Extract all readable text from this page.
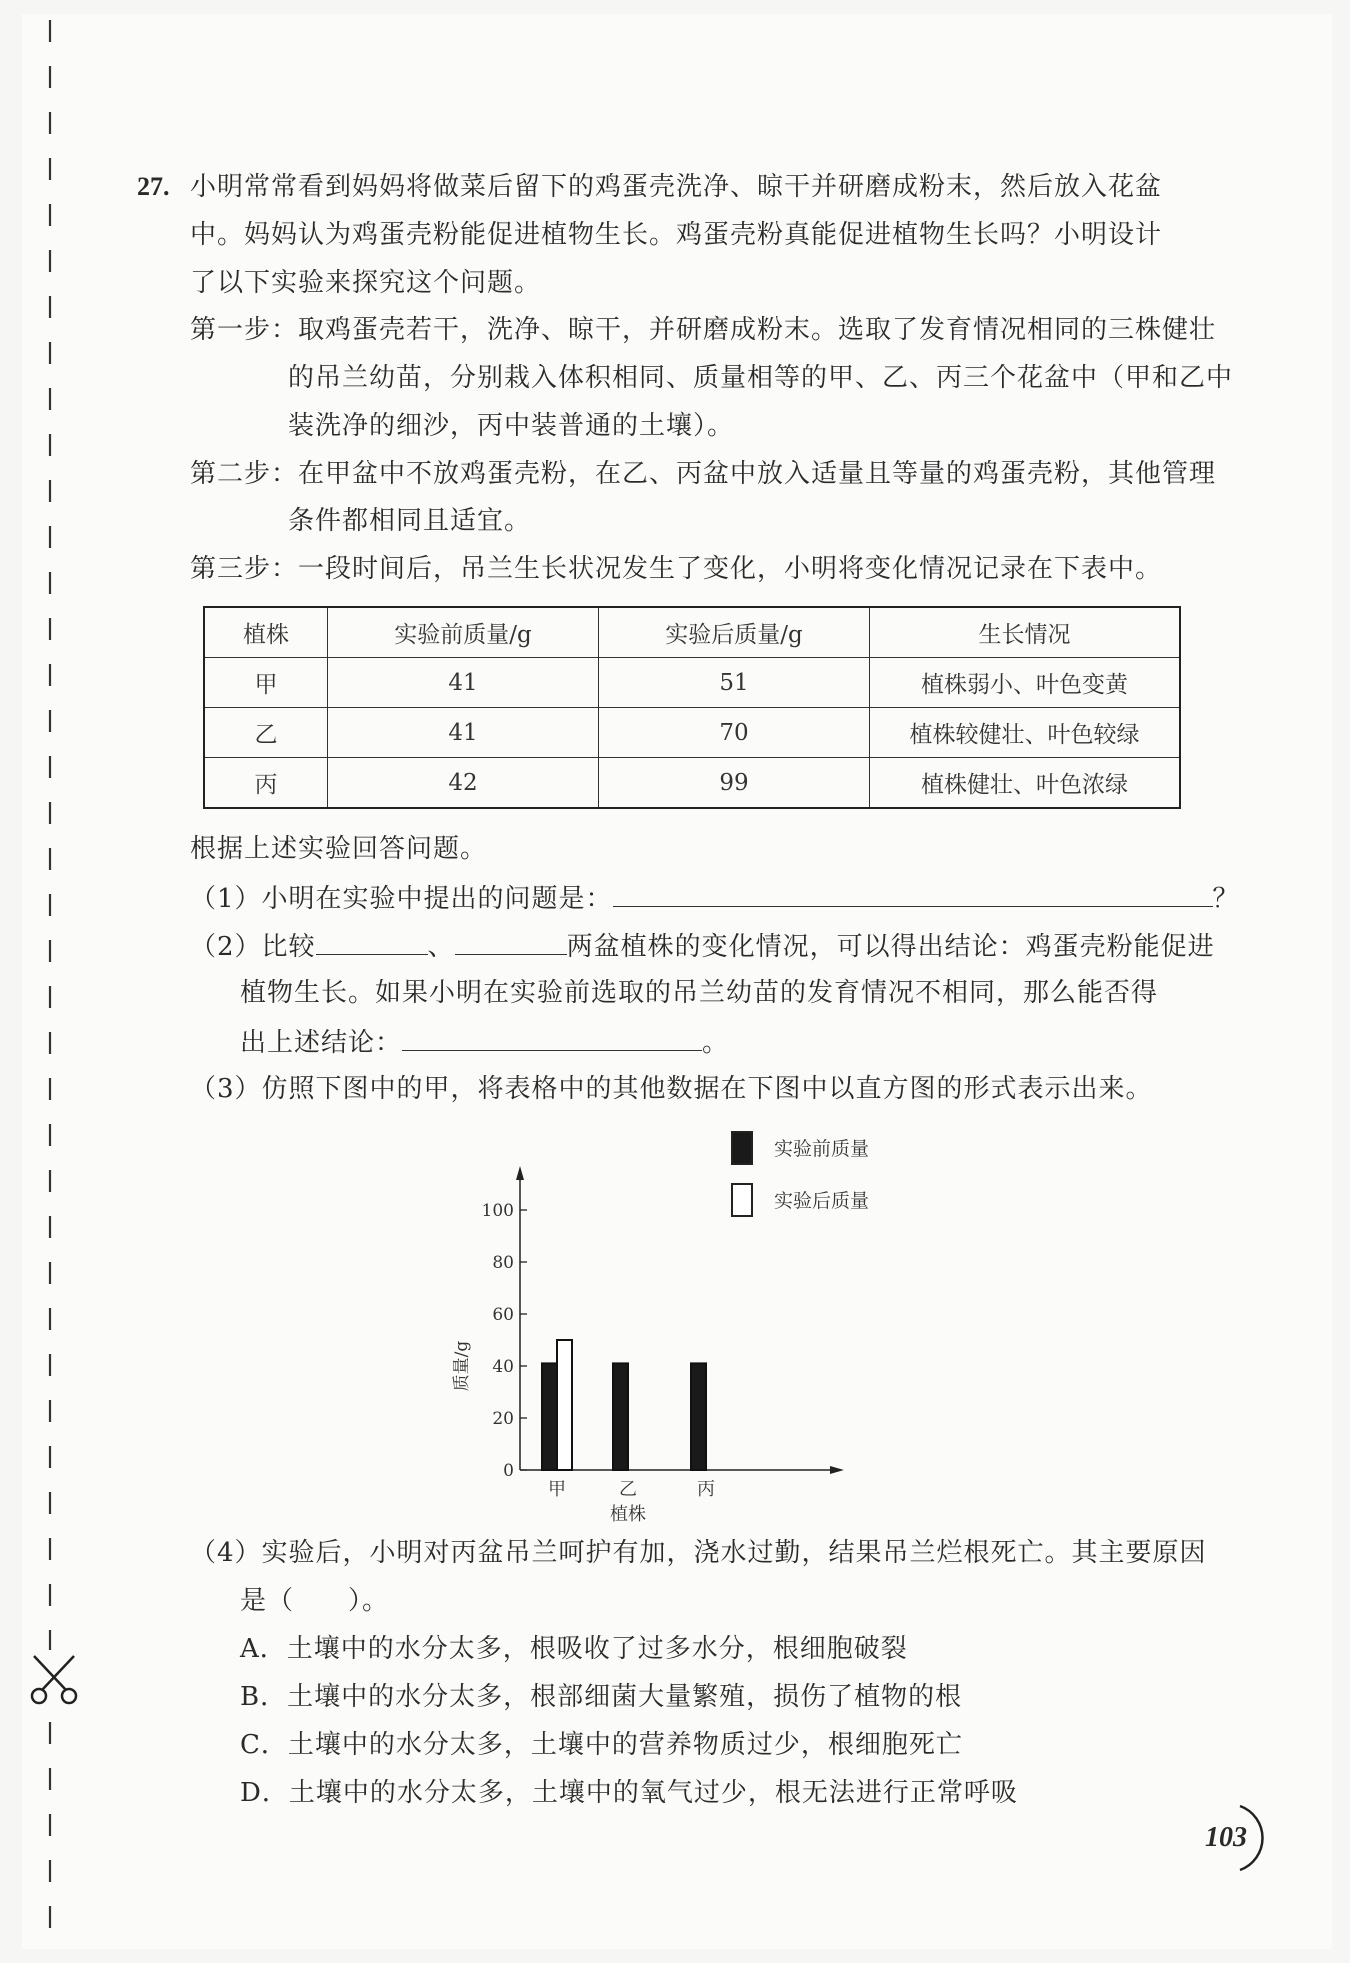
27. 小明常常看到妈妈将做菜后留下的鸡蛋壳洗净、晾干并研磨成粉末，然后放入花盆
中。妈妈认为鸡蛋壳粉能促进植物生长。鸡蛋壳粉真能促进植物生长吗？小明设计
了以下实验来探究这个问题。
第一步：取鸡蛋壳若干，洗净、晾干，并研磨成粉末。选取了发育情况相同的三株健壮
的吊兰幼苗，分别栽入体积相同、质量相等的甲、乙、丙三个花盆中（甲和乙中
装洗净的细沙，丙中装普通的土壤）。
第二步：在甲盆中不放鸡蛋壳粉，在乙、丙盆中放入适量且等量的鸡蛋壳粉，其他管理
条件都相同且适宜。
第三步：一段时间后，吊兰生长状况发生了变化，小明将变化情况记录在下表中。
植株	实验前质量/g	实验后质量/g	生长情况
甲	41	51	植株弱小、叶色变黄
乙	41	70	植株较健壮、叶色较绿
丙	42	99	植株健壮、叶色浓绿
根据上述实验回答问题。
（1）小明在实验中提出的问题是：	？
（2）比较	、	两盆植株的变化情况，可以得出结论：鸡蛋壳粉能促进
植物生长。如果小明在实验前选取的吊兰幼苗的发育情况不相同，那么能否得
出上述结论：	。
（3）仿照下图中的甲，将表格中的其他数据在下图中以直方图的形式表示出来。
实验前质量
实验后质量
0
20
40
60
80
100
质量/g
甲	乙	丙
植株
（4）实验后，小明对丙盆吊兰呵护有加，浇水过勤，结果吊兰烂根死亡。其主要原因
是（　　）。
A．土壤中的水分太多，根吸收了过多水分，根细胞破裂
B．土壤中的水分太多，根部细菌大量繁殖，损伤了植物的根
C．土壤中的水分太多，土壤中的营养物质过少，根细胞死亡
D．土壤中的水分太多，土壤中的氧气过少，根无法进行正常呼吸
103
